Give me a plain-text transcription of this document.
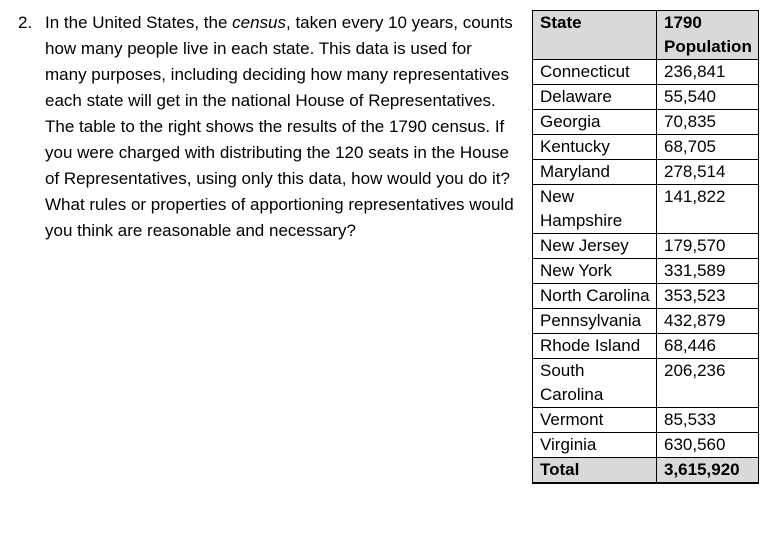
2. In the United States, the census, taken every 10 years, counts how many people live in each state. This data is used for many purposes, including deciding how many representatives each state will get in the national House of Representatives.

The table to the right shows the results of the 1790 census. If you were charged with distributing the 120 seats in the House of Representatives, using only this data, how would you do it? What rules or properties of apportioning representatives would you think are reasonable and necessary?

State	1790 Population
Connecticut	236,841
Delaware	55,540
Georgia	70,835
Kentucky	68,705
Maryland	278,514
New Hampshire	141,822
New Jersey	179,570
New York	331,589
North Carolina	353,523
Pennsylvania	432,879
Rhode Island	68,446
South Carolina	206,236
Vermont	85,533
Virginia	630,560
Total	3,615,920
